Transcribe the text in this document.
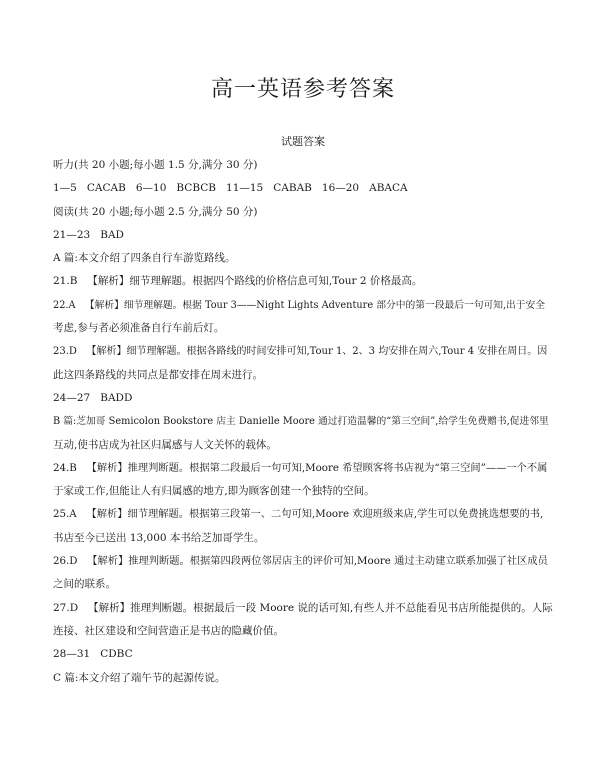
高一英语参考答案
试题答案
听力(共 20 小题;每小题 1.5 分,满分 30 分)
1—5   CACAB   6—10   BCBCB   11—15   CABAB   16—20   ABACA
阅读(共 20 小题;每小题 2.5 分,满分 50 分)
21—23   BAD
A 篇:本文介绍了四条自行车游览路线。
21.B   【解析】细节理解题。根据四个路线的价格信息可知,Tour 2 价格最高。
22.A   【解析】细节理解题。根据 Tour 3——Night Lights Adventure 部分中的第一段最后一句可知,出于安全
考虑,参与者必须准备自行车前后灯。
23.D   【解析】细节理解题。根据各路线的时间安排可知,Tour 1、2、3 均安排在周六,Tour 4 安排在周日。因
此这四条路线的共同点是都安排在周末进行。
24—27   BADD
B 篇:芝加哥 Semicolon Bookstore 店主 Danielle Moore 通过打造温馨的“第三空间”,给学生免费赠书,促进邻里
互动,使书店成为社区归属感与人文关怀的载体。
24.B   【解析】推理判断题。根据第二段最后一句可知,Moore 希望顾客将书店视为“第三空间”——一个不属
于家或工作,但能让人有归属感的地方,即为顾客创建一个独特的空间。
25.A   【解析】细节理解题。根据第三段第一、二句可知,Moore 欢迎班级来店,学生可以免费挑选想要的书,
书店至今已送出 13,000 本书给芝加哥学生。
26.D   【解析】推理判断题。根据第四段两位邻居店主的评价可知,Moore 通过主动建立联系加强了社区成员
之间的联系。
27.D   【解析】推理判断题。根据最后一段 Moore 说的话可知,有些人并不总能看见书店所能提供的。人际
连接、社区建设和空间营造正是书店的隐藏价值。
28—31   CDBC
C 篇:本文介绍了端午节的起源传说。
